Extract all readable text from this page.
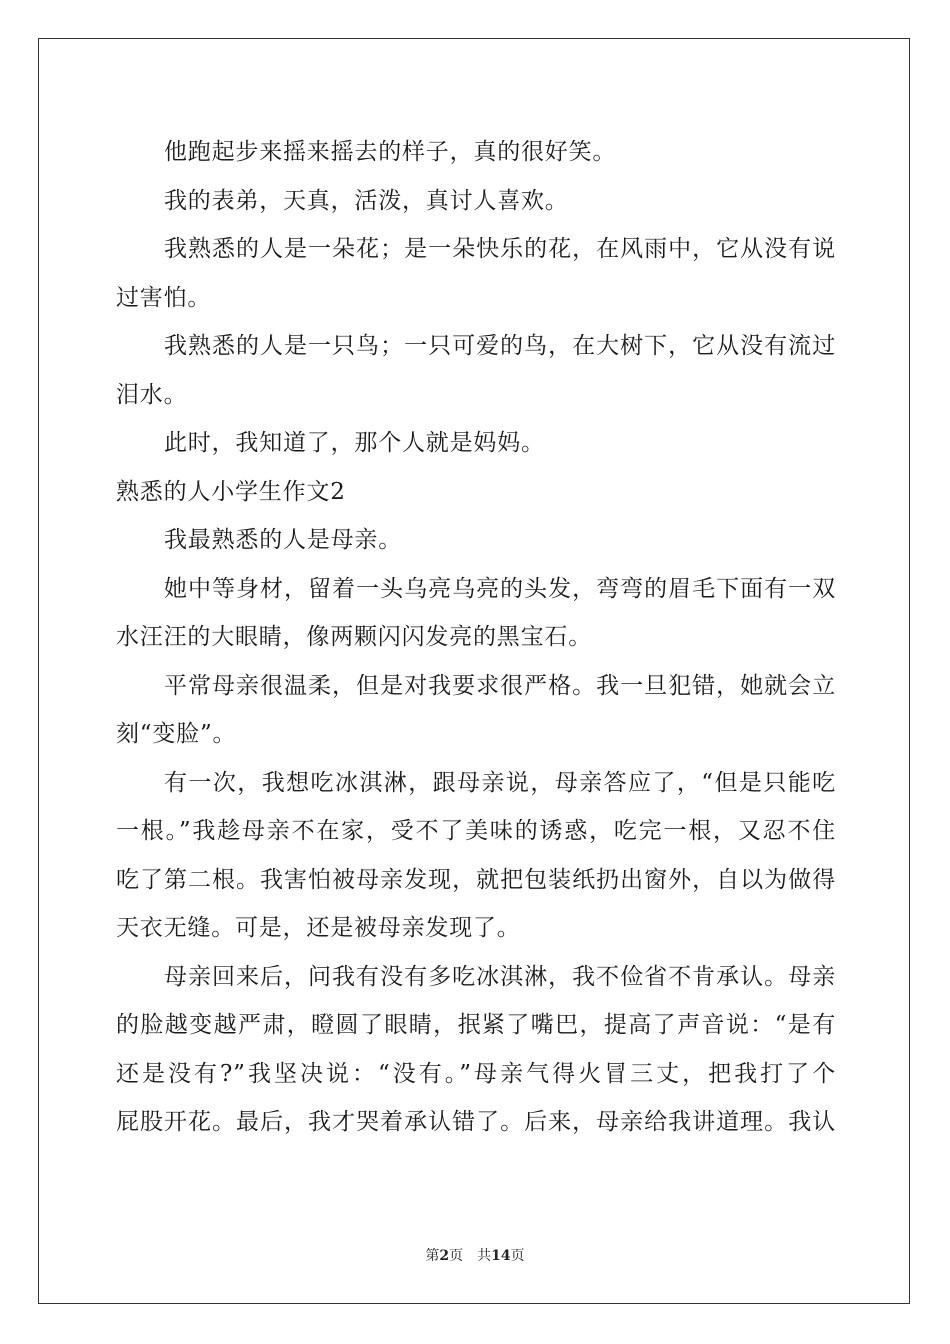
他跑起步来摇来摇去的样子，真的很好笑。
我的表弟，天真，活泼，真讨人喜欢。
我熟悉的人是一朵花；是一朵快乐的花，在风雨中，它从没有说
过害怕。
我熟悉的人是一只鸟；一只可爱的鸟，在大树下，它从没有流过
泪水。
此时，我知道了，那个人就是妈妈。
熟悉的人小学生作文2
我最熟悉的人是母亲。
她中等身材，留着一头乌亮乌亮的头发，弯弯的眉毛下面有一双
水汪汪的大眼睛，像两颗闪闪发亮的黑宝石。
平常母亲很温柔，但是对我要求很严格。我一旦犯错，她就会立
刻“变脸”。
有一次，我想吃冰淇淋，跟母亲说，母亲答应了，“但是只能吃
一根。”我趁母亲不在家，受不了美味的诱惑，吃完一根，又忍不住
吃了第二根。我害怕被母亲发现，就把包装纸扔出窗外，自以为做得
天衣无缝。可是，还是被母亲发现了。
母亲回来后，问我有没有多吃冰淇淋，我不俭省不肯承认。母亲
的脸越变越严肃，瞪圆了眼睛，抿紧了嘴巴，提高了声音说：“是有
还是没有?”我坚决说：“没有。”母亲气得火冒三丈，把我打了个
屁股开花。最后，我才哭着承认错了。后来，母亲给我讲道理。我认
第2页 共14页
